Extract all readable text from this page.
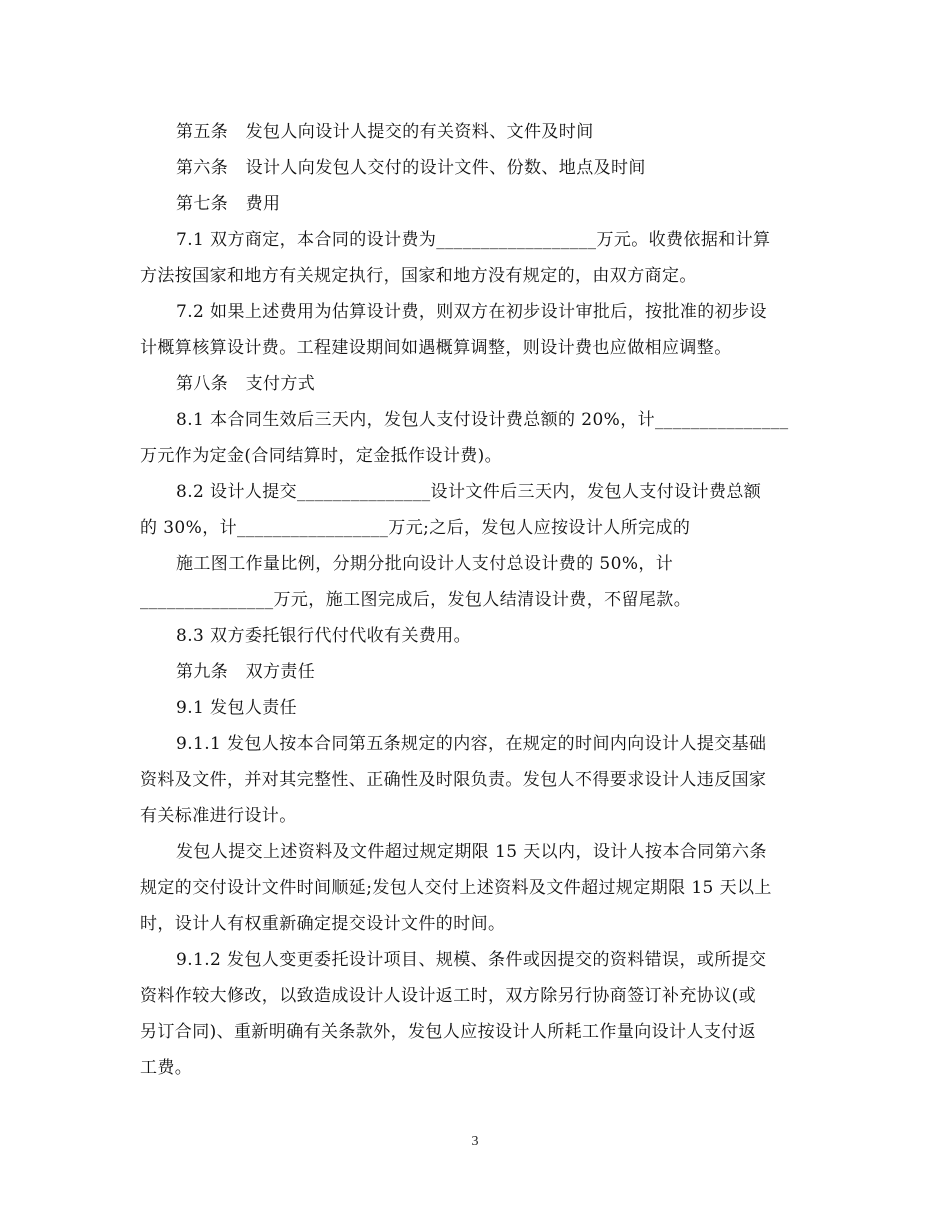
第五条　发包人向设计人提交的有关资料、文件及时间
第六条　设计人向发包人交付的设计文件、份数、地点及时间
第七条　费用
7.1 双方商定，本合同的设计费为__________________万元。收费依据和计算
方法按国家和地方有关规定执行，国家和地方没有规定的，由双方商定。
7.2 如果上述费用为估算设计费，则双方在初步设计审批后，按批准的初步设
计概算核算设计费。工程建设期间如遇概算调整，则设计费也应做相应调整。
第八条　支付方式
8.1 本合同生效后三天内，发包人支付设计费总额的 20%，计_______________
万元作为定金(合同结算时，定金抵作设计费)。
8.2 设计人提交_______________设计文件后三天内，发包人支付设计费总额
的 30%，计_________________万元;之后，发包人应按设计人所完成的
施工图工作量比例，分期分批向设计人支付总设计费的 50%，计
_______________万元，施工图完成后，发包人结清设计费，不留尾款。
8.3 双方委托银行代付代收有关费用。
第九条　双方责任
9.1 发包人责任
9.1.1 发包人按本合同第五条规定的内容，在规定的时间内向设计人提交基础
资料及文件，并对其完整性、正确性及时限负责。发包人不得要求设计人违反国家
有关标准进行设计。
发包人提交上述资料及文件超过规定期限 15 天以内，设计人按本合同第六条
规定的交付设计文件时间顺延;发包人交付上述资料及文件超过规定期限 15 天以上
时，设计人有权重新确定提交设计文件的时间。
9.1.2 发包人变更委托设计项目、规模、条件或因提交的资料错误，或所提交
资料作较大修改，以致造成设计人设计返工时，双方除另行协商签订补充协议(或
另订合同)、重新明确有关条款外，发包人应按设计人所耗工作量向设计人支付返
工费。
3
